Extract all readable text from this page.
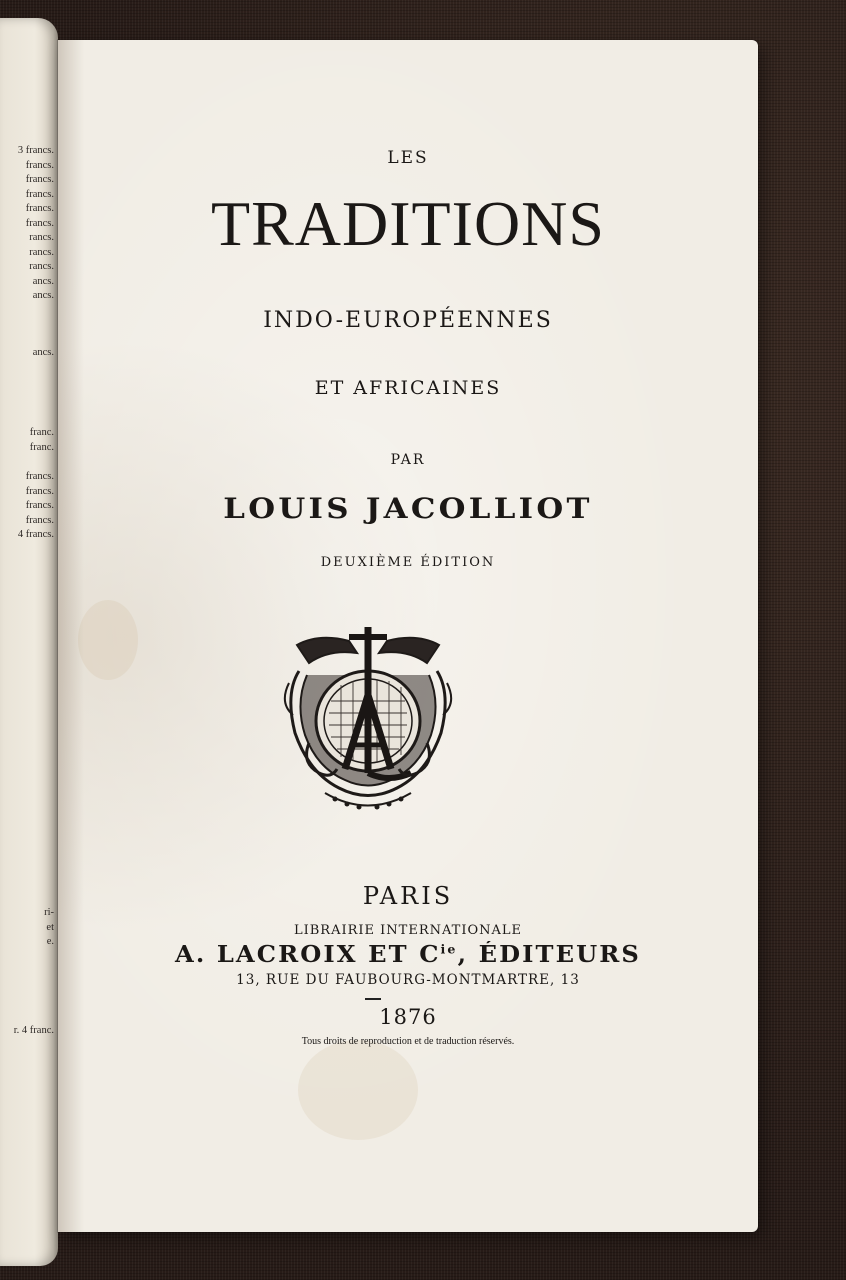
3 francs.
francs.
francs.
francs.
francs.
francs.
rancs.
rancs.
rancs.
ancs.
ancs.
ancs.
franc.
franc.
francs.
francs.
francs.
francs.
4 francs.
ri-
et
e.
r. 4 franc.
LES
TRADITIONS
INDO-EUROPÉENNES
ET AFRICAINES
PAR
LOUIS JACOLLIOT
DEUXIÈME ÉDITION
PARIS
LIBRAIRIE INTERNATIONALE
A. LACROIX ET $C^{ie}$, ÉDITEURS
13, RUE DU FAUBOURG-MONTMARTRE, 13
1876
Tous droits de reproduction et de traduction réservés.
